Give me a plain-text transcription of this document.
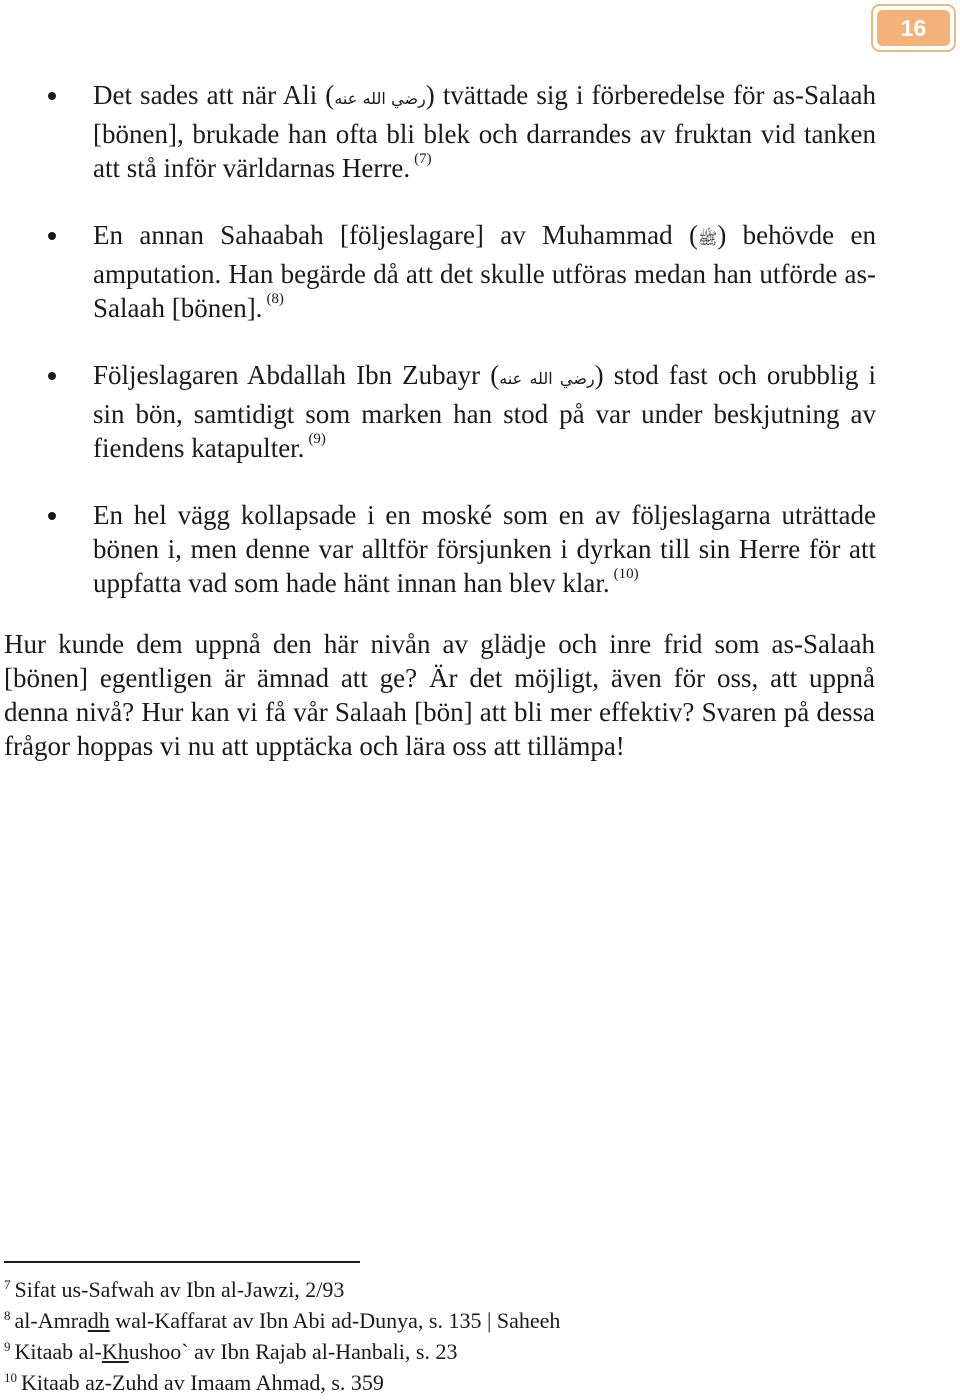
16
Det sades att när Ali (رضي الله عنه) tvättade sig i förberedelse för as-Salaah [bönen], brukade han ofta bli blek och darrandes av fruktan vid tanken att stå inför världarnas Herre. $^{(7)}$
En annan Sahaabah [följeslagare] av Muhammad (ﷺ) behövde en amputation. Han begärde då att det skulle utföras medan han utförde as-Salaah [bönen]. $^{(8)}$
Följeslagaren Abdallah Ibn Zubayr (رضي الله عنه) stod fast och orubblig i sin bön, samtidigt som marken han stod på var under beskjutning av fiendens katapulter. $^{(9)}$
En hel vägg kollapsade i en moské som en av följeslagarna uträttade bönen i, men denne var alltför försjunken i dyrkan till sin Herre för att uppfatta vad som hade hänt innan han blev klar. $^{(10)}$

Hur kunde dem uppnå den här nivån av glädje och inre frid som as-Salaah [bönen] egentligen är ämnad att ge? Är det möjligt, även för oss, att uppnå denna nivå? Hur kan vi få vår Salaah [bön] att bli mer effektiv? Svaren på dessa frågor hoppas vi nu att upptäcka och lära oss att tillämpa!

$^7$ Sifat us-Safwah av Ibn al-Jawzi, 2/93
$^8$ al-Amradh wal-Kaffarat av Ibn Abi ad-Dunya, s. 135 | Saheeh
$^9$ Kitaab al-Khushoo` av Ibn Rajab al-Hanbali, s. 23
$^{10}$ Kitaab az-Zuhd av Imaam Ahmad, s. 359
